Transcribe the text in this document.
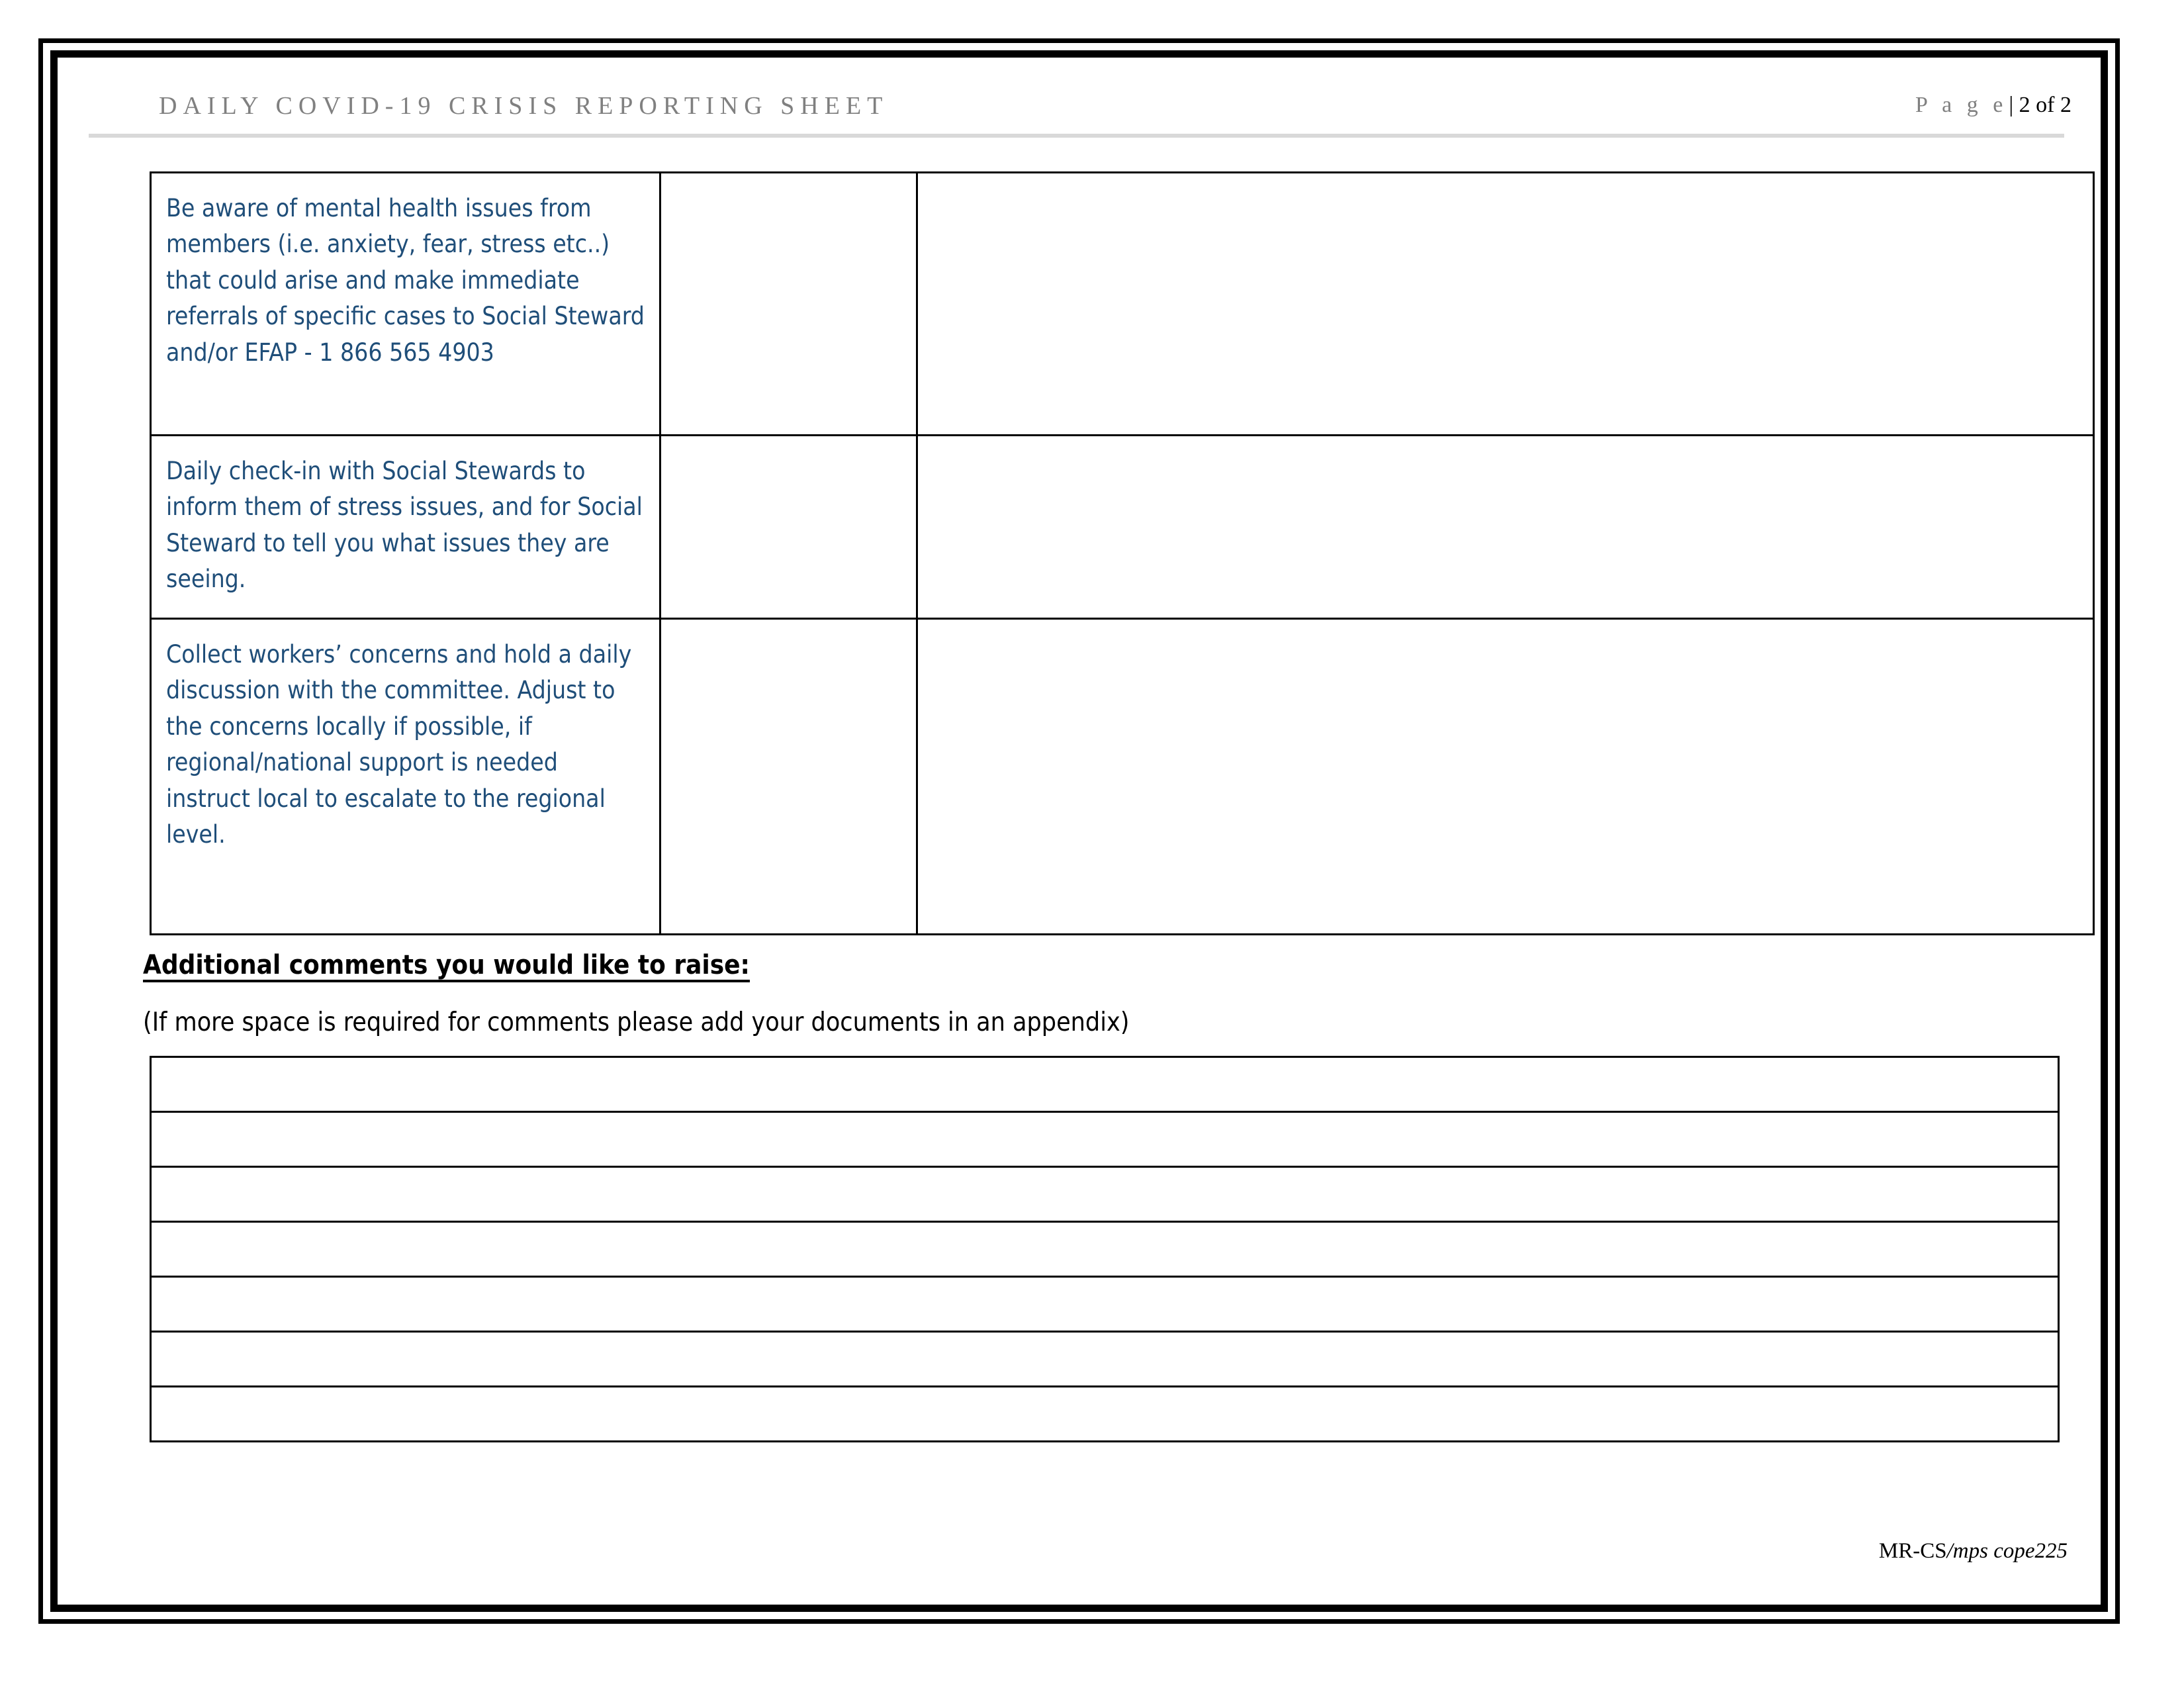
DAILY COVID-19 CRISIS REPORTING SHEET	P a g e| 2 of 2
Be aware of mental health issues from members (i.e. anxiety, fear, stress etc..) that could arise and make immediate referrals of specific cases to Social Steward and/or EFAP - 1 866 565 4903		

Daily check-in with Social Stewards to inform them of stress issues, and for Social Steward to tell you what issues they are seeing.		

Collect workers’ concerns and hold a daily discussion with the committee. Adjust to the concerns locally if possible, if regional/national support is needed instruct local to escalate to the regional level.		

Additional comments you would like to raise:
(If more space is required for comments please add your documents in an appendix)

MR-CS/mps cope225
